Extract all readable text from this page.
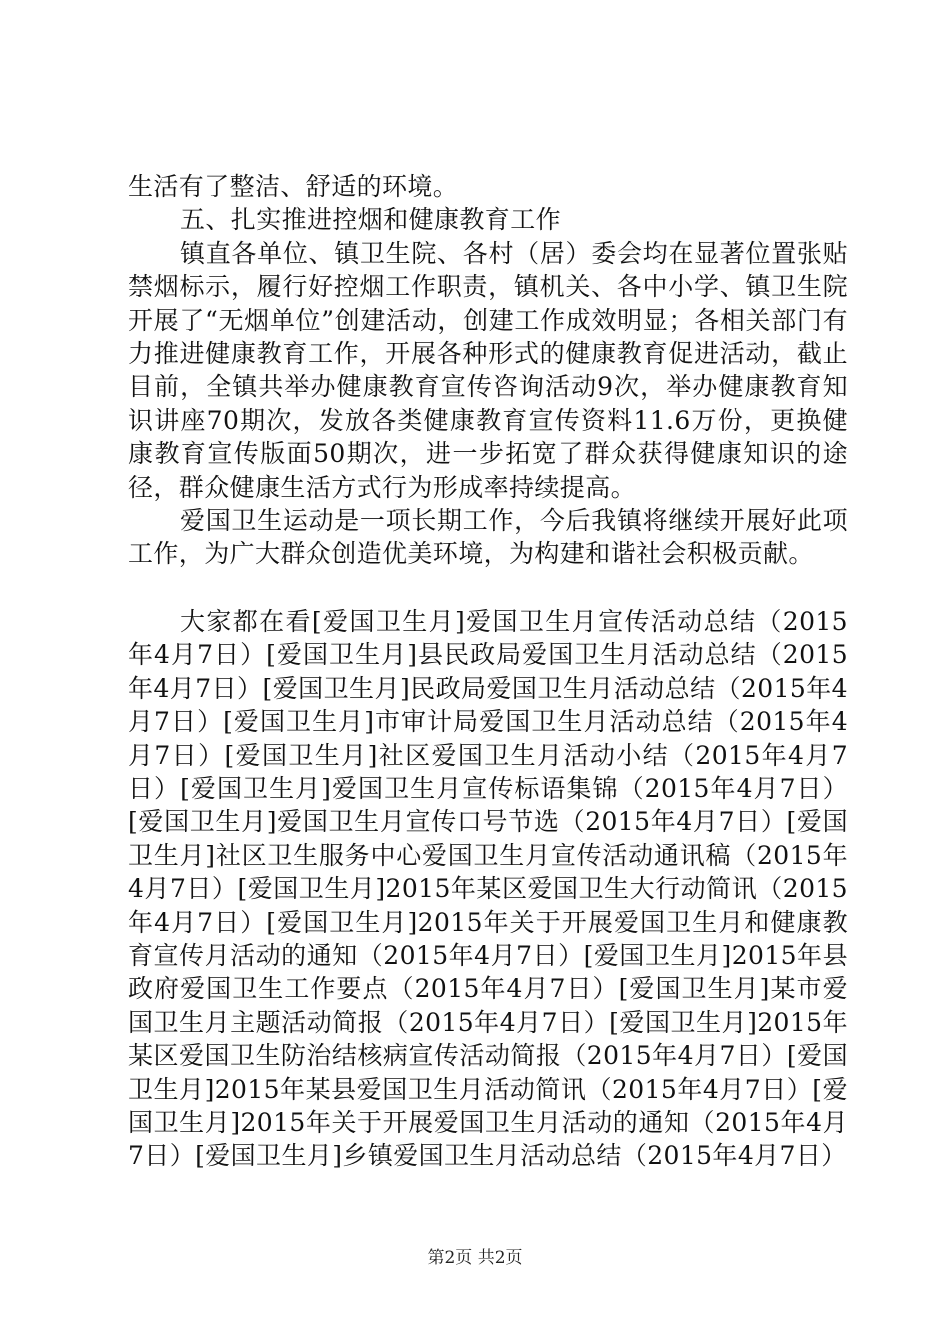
生活有了整洁、舒适的环境。

五、扎实推进控烟和健康教育工作

镇直各单位、镇卫生院、各村（居）委会均在显著位置张贴禁烟标示，履行好控烟工作职责，镇机关、各中小学、镇卫生院开展了“无烟单位”创建活动，创建工作成效明显；各相关部门有力推进健康教育工作，开展各种形式的健康教育促进活动，截止目前，全镇共举办健康教育宣传咨询活动9次，举办健康教育知识讲座70期次，发放各类健康教育宣传资料11.6万份，更换健康教育宣传版面50期次，进一步拓宽了群众获得健康知识的途径，群众健康生活方式行为形成率持续提高。

爱国卫生运动是一项长期工作，今后我镇将继续开展好此项工作，为广大群众创造优美环境，为构建和谐社会积极贡献。

大家都在看[爱国卫生月]爱国卫生月宣传活动总结（2015年4月7日）[爱国卫生月]县民政局爱国卫生月活动总结（2015年4月7日）[爱国卫生月]民政局爱国卫生月活动总结（2015年4月7日）[爱国卫生月]市审计局爱国卫生月活动总结（2015年4月7日）[爱国卫生月]社区爱国卫生月活动小结（2015年4月7日）[爱国卫生月]爱国卫生月宣传标语集锦（2015年4月7日）[爱国卫生月]爱国卫生月宣传口号节选（2015年4月7日）[爱国卫生月]社区卫生服务中心爱国卫生月宣传活动通讯稿（2015年4月7日）[爱国卫生月]2015年某区爱国卫生大行动简讯（2015年4月7日）[爱国卫生月]2015年关于开展爱国卫生月和健康教育宣传月活动的通知（2015年4月7日）[爱国卫生月]2015年县政府爱国卫生工作要点（2015年4月7日）[爱国卫生月]某市爱国卫生月主题活动简报（2015年4月7日）[爱国卫生月]2015年某区爱国卫生防治结核病宣传活动简报（2015年4月7日）[爱国卫生月]2015年某县爱国卫生月活动简讯（2015年4月7日）[爱国卫生月]2015年关于开展爱国卫生月活动的通知（2015年4月7日）[爱国卫生月]乡镇爱国卫生月活动总结（2015年4月7日）

第2页 共2页
